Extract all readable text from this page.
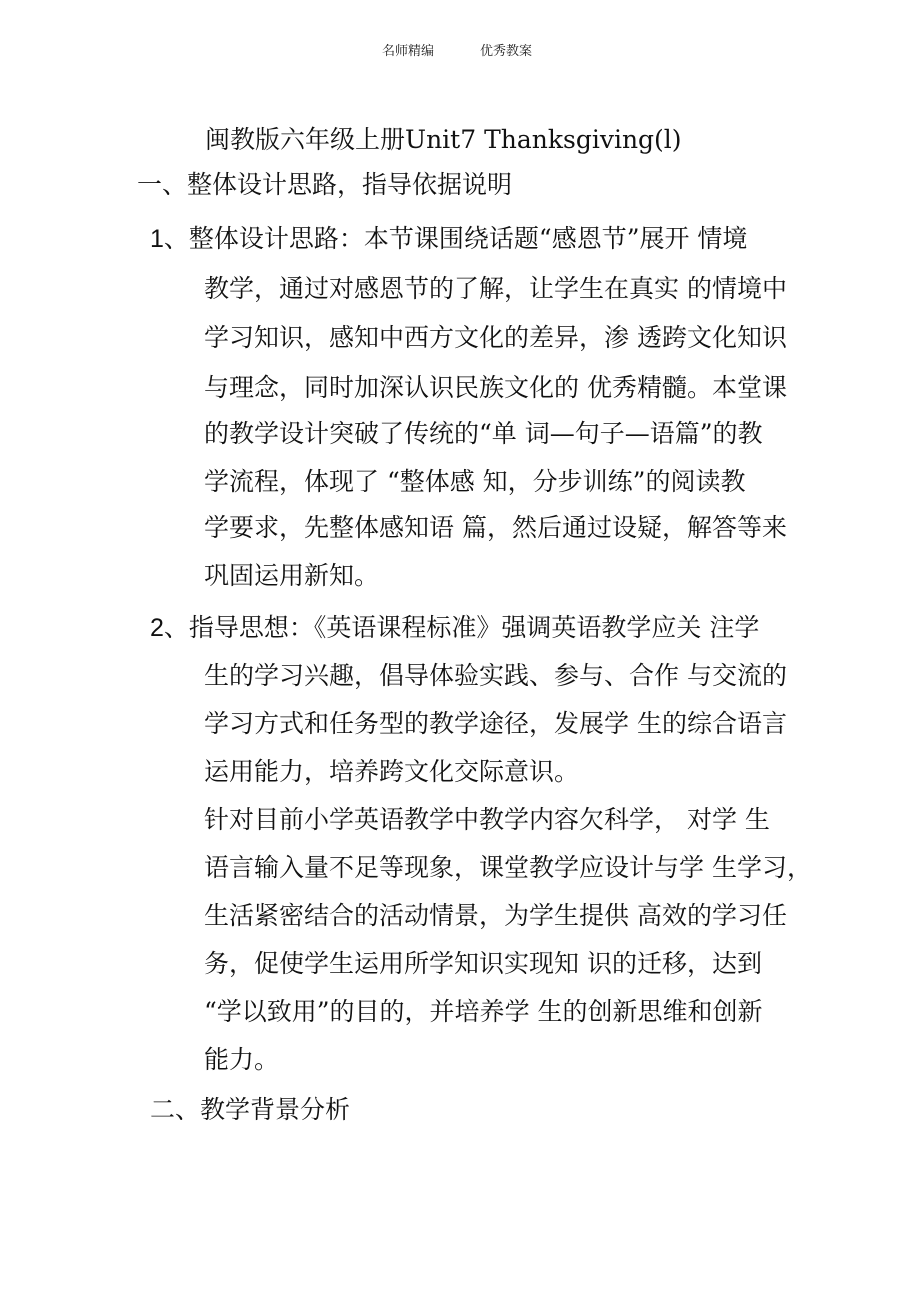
名师精编	优秀教案
闽教版六年级上册Unit7 Thanksgiving(l)
一、整体设计思路，指导依据说明
1、整体设计思路：本节课围绕话题“感恩节”展开 情境
教学，通过对感恩节的了解，让学生在真实 的情境中
学习知识，感知中西方文化的差异，渗 透跨文化知识
与理念，同时加深认识民族文化的 优秀精髓。本堂课
的教学设计突破了传统的“单 词—句子—语篇”的教
学流程，体现了 “整体感 知，分步训练”的阅读教
学要求，先整体感知语 篇，然后通过设疑，解答等来
巩固运用新知。
2、指导思想：《英语课程标准》强调英语教学应关 注学
生的学习兴趣，倡导体验实践、参与、合作 与交流的
学习方式和任务型的教学途径，发展学 生的综合语言
运用能力，培养跨文化交际意识。
针对目前小学英语教学中教学内容欠科学， 对学 生
语言输入量不足等现象，课堂教学应设计与学 生学习，
生活紧密结合的活动情景，为学生提供 高效的学习任
务，促使学生运用所学知识实现知 识的迁移，达到
“学以致用”的目的，并培养学 生的创新思维和创新
能力。
二、教学背景分析
